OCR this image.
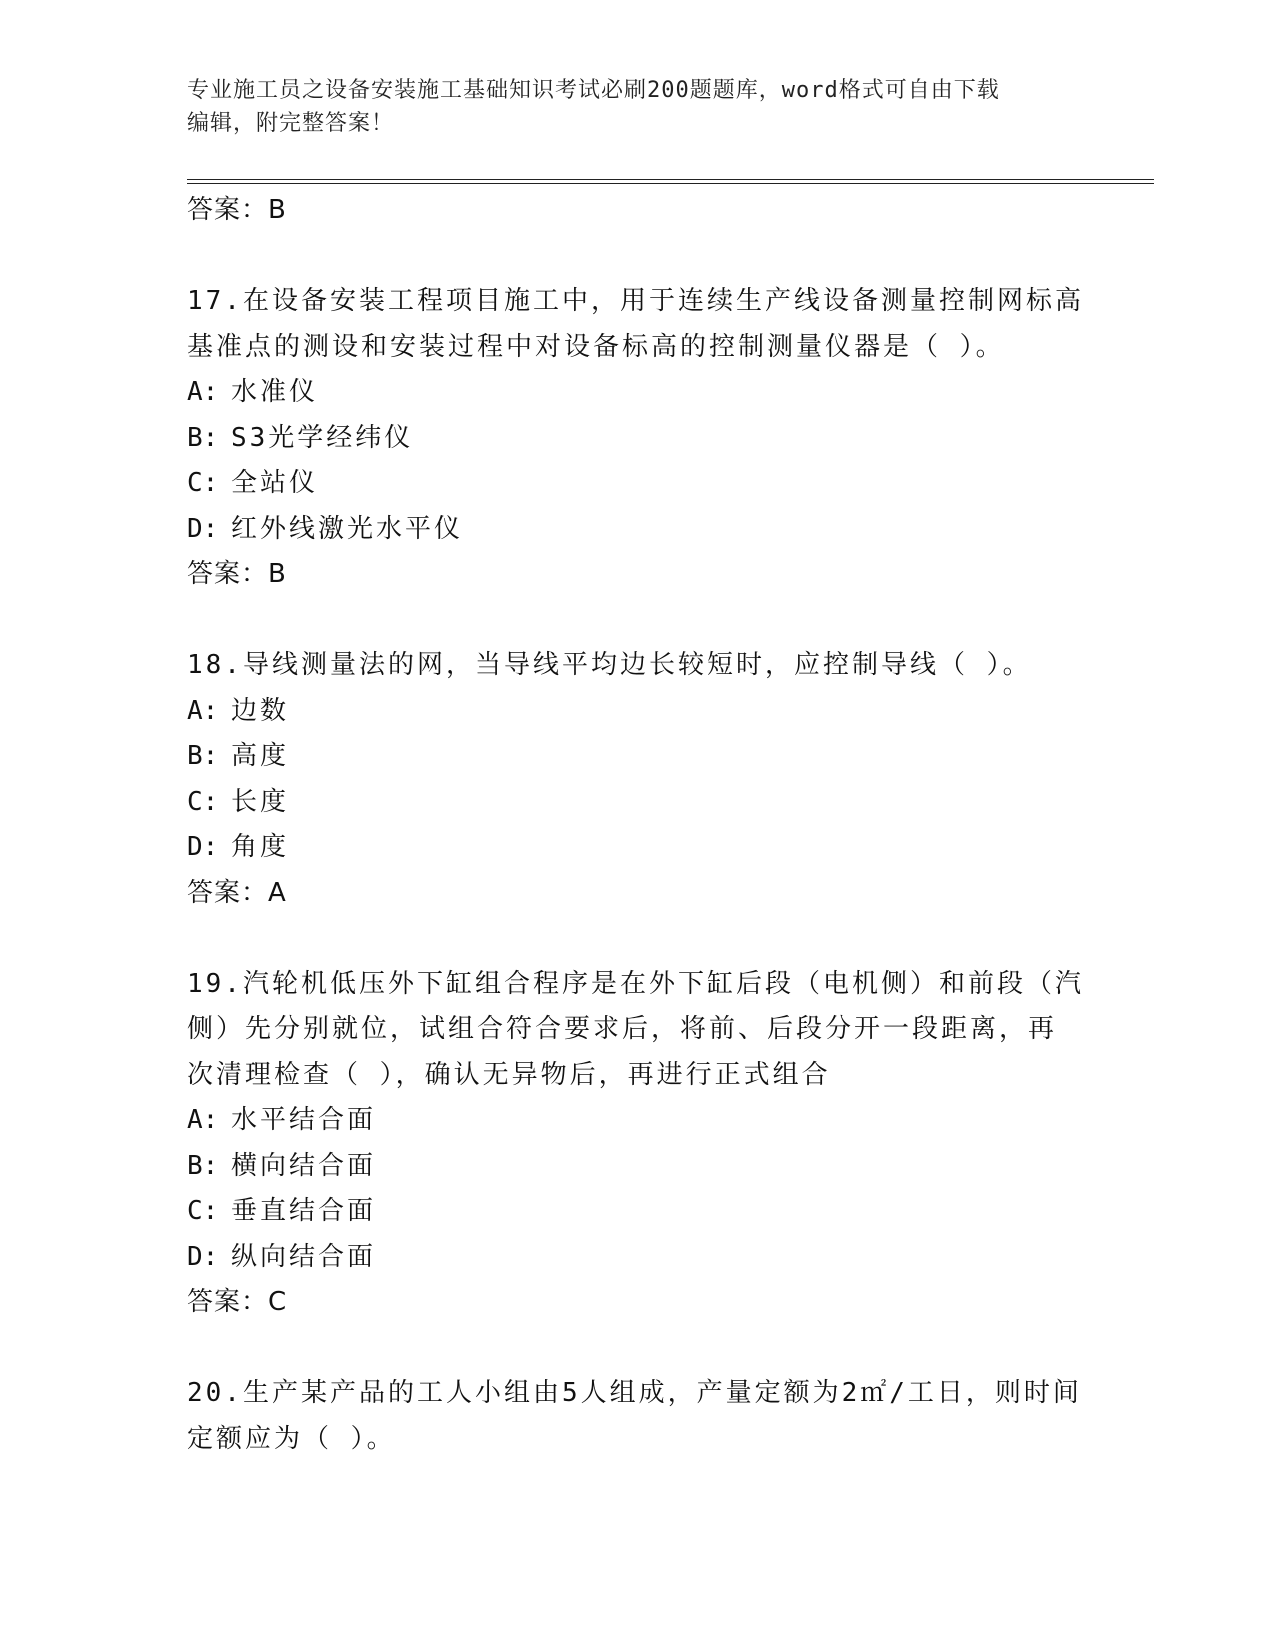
专业施工员之设备安装施工基础知识考试必刷200题题库，word格式可自由下载
编辑，附完整答案！
答案：B
17.在设备安装工程项目施工中，用于连续生产线设备测量控制网标高
基准点的测设和安装过程中对设备标高的控制测量仪器是（ ）。
A: 水准仪
B: S3光学经纬仪
C: 全站仪
D: 红外线激光水平仪
答案：B
18.导线测量法的网，当导线平均边长较短时，应控制导线（ ）。
A: 边数
B: 高度
C: 长度
D: 角度
答案：A
19.汽轮机低压外下缸组合程序是在外下缸后段（电机侧）和前段（汽
侧）先分别就位，试组合符合要求后，将前、后段分开一段距离，再
次清理检查（ ），确认无异物后，再进行正式组合
A: 水平结合面
B: 横向结合面
C: 垂直结合面
D: 纵向结合面
答案：C
20.生产某产品的工人小组由5人组成，产量定额为2㎡/工日，则时间
定额应为（ ）。
